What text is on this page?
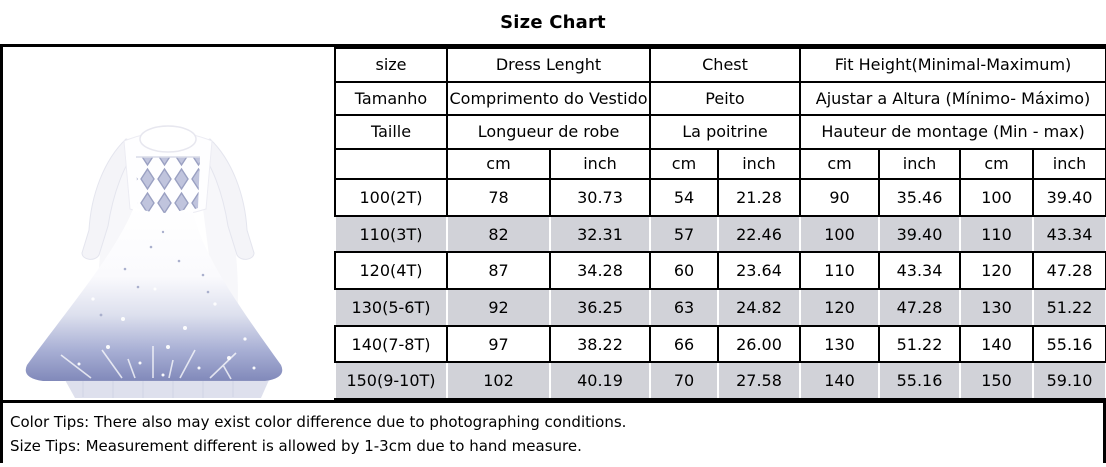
Size Chart
size	Dress Lenght		Chest		Fit Height(Minimal-Maximum)			
Tamanho	Comprimento do Vestido		Peito		Ajustar a Altura (Mínimo- Máximo)			
Taille	Longueur de robe		La poitrine		Hauteur de montage (Min - max)			
	cm	inch	cm	inch	cm	inch	cm	inch
100(2T)	78	30.73	54	21.28	90	35.46	100	39.40
110(3T)	82	32.31	57	22.46	100	39.40	110	43.34
120(4T)	87	34.28	60	23.64	110	43.34	120	47.28
130(5-6T)	92	36.25	63	24.82	120	47.28	130	51.22
140(7-8T)	97	38.22	66	26.00	130	51.22	140	55.16
150(9-10T)	102	40.19	70	27.58	140	55.16	150	59.10

Color Tips: There also may exist color difference due to photographing conditions.

Size Tips: Measurement different is allowed by 1-3cm due to hand measure.
